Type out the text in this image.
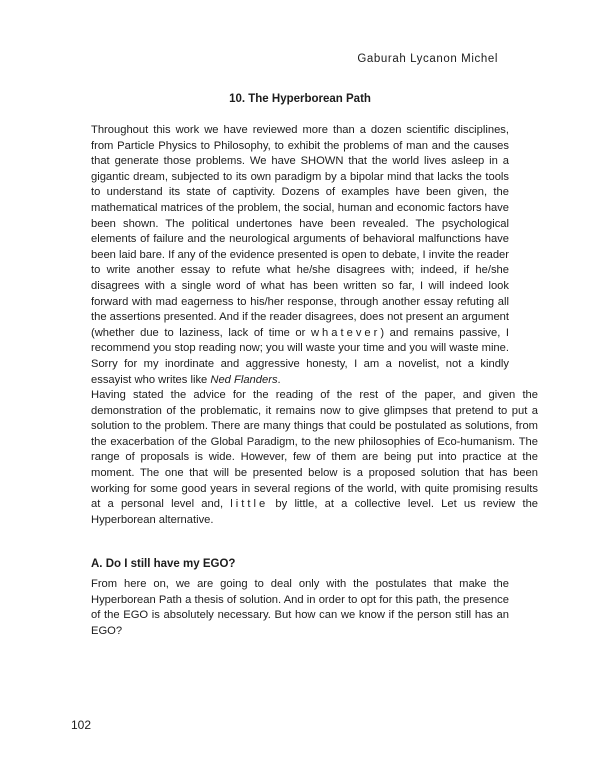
Gaburah Lycanon Michel
10. The Hyperborean Path

Throughout this work we have reviewed more than a dozen scientific disciplines, from Particle Physics to Philosophy, to exhibit the problems of man and the causes that generate those problems. We have SHOWN that the world lives asleep in a gigantic dream, subjected to its own paradigm by a bipolar mind that lacks the tools to understand its state of captivity. Dozens of examples have been given, the mathematical matrices of the problem, the social, human and economic factors have been shown. The political undertones have been revealed. The psychological elements of failure and the neurological arguments of behavioral malfunctions have been laid bare. If any of the evidence presented is open to debate, I invite the reader to write another essay to refute what he/she disagrees with; indeed, if he/she disagrees with a single word of what has been written so far, I will indeed look forward with mad eagerness to his/her response, through another essay refuting all the assertions presented. And if the reader disagrees, does not present an argument (whether due to laziness, lack of time or whatever) and remains passive, I recommend you stop reading now; you will waste your time and you will waste mine. Sorry for my inordinate and aggressive honesty, I am a novelist, not a kindly essayist who writes like Ned Flanders.

Having stated the advice for the reading of the rest of the paper, and given the demonstration of the problematic, it remains now to give glimpses that pretend to put a solution to the problem. There are many things that could be postulated as solutions, from the exacerbation of the Global Paradigm, to the new philosophies of Eco-humanism. The range of proposals is wide. However, few of them are being put into practice at the moment. The one that will be presented below is a proposed solution that has been working for some good years in several regions of the world, with quite promising results at a personal level and, little by little, at a collective level. Let us review the Hyperborean alternative.

A. Do I still have my EGO?

From here on, we are going to deal only with the postulates that make the Hyperborean Path a thesis of solution. And in order to opt for this path, the presence of the EGO is absolutely necessary. But how can we know if the person still has an EGO?

102
